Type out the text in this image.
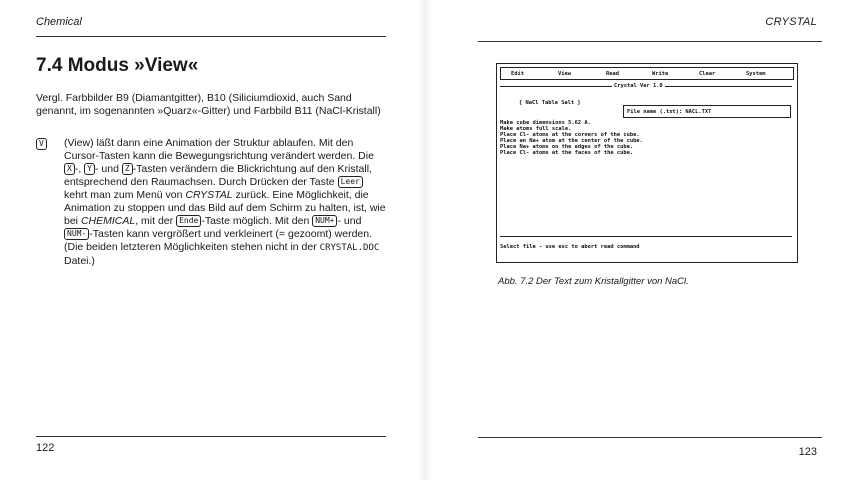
Chemical
7.4 Modus »View«

Vergl. Farbbilder B9 (Diamantgitter), B10 (Siliciumdioxid, auch Sand genannt, im sogenannten »Quarz«-Gitter) und Farbbild B11 (NaCl-Kristall)

V (View) läßt dann eine Animation der Struktur ablaufen. Mit den Cursor-Tasten kann die Bewegungsrichtung verändert werden. Die X -, Y - und Z -Tasten verändern die Blickrichtung auf den Kristall, entsprechend den Raumachsen. Durch Drücken der Taste Leer kehrt man zum Menü von CRYSTAL zurück. Eine Möglichkeit, die Animation zu stoppen und das Bild auf dem Schirm zu halten, ist, wie bei CHEMICAL, mit der Ende -Taste möglich. Mit den NUM+ - und NUM- -Tasten kann vergrößert und verkleinert (= gezoomt) werden. (Die beiden letzteren Möglichkeiten stehen nicht in der CRYSTAL.DOC Datei.)

122
CRYSTAL
Edit	View	Read	Write	Clear	System
Crystal Ver 1.0
{ NaCl Table Salt }
File name (.txt): NACL.TXT
Make cube dimensions 5.62 A.
Make atoms full scale.
Place Cl- atoms at the corners of the cube.
Place an Na+ atom at the center of the cube.
Place Na+ atoms on the edges of the cube.
Place Cl- atoms at the faces of the cube.
Select file - use esc to abort read command
Abb. 7.2 Der Text zum Kristallgitter von NaCl.
123
